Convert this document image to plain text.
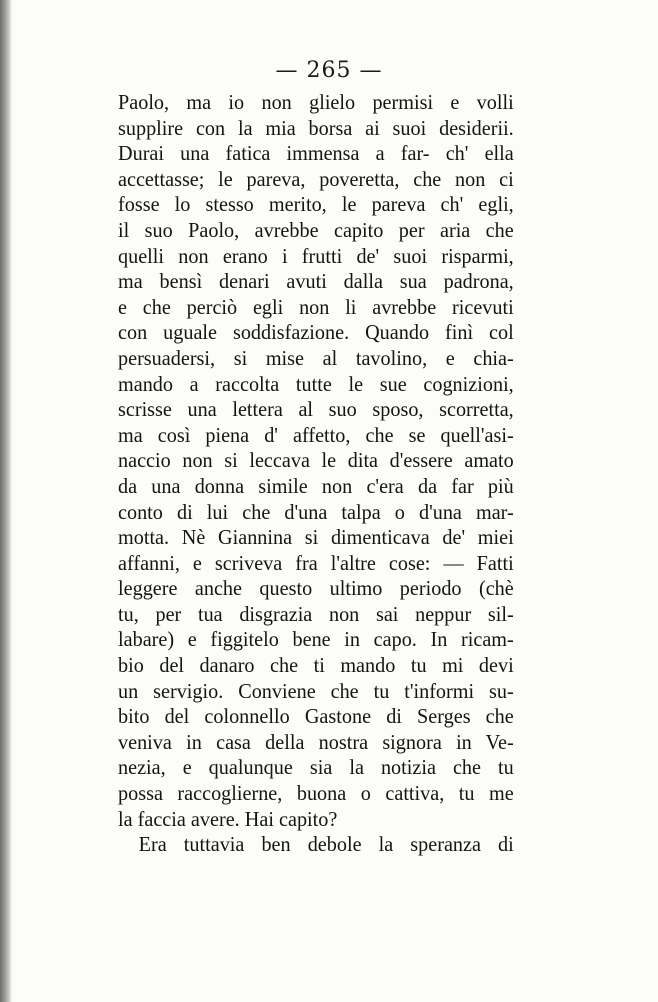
— 265 —
Paolo, ma io non glielo permisi e volli
supplire con la mia borsa ai suoi desiderii.
Durai una fatica immensa a far- ch' ella
accettasse; le pareva, poveretta, che non ci
fosse lo stesso merito, le pareva ch' egli,
il suo Paolo, avrebbe capito per aria che
quelli non erano i frutti de' suoi risparmi,
ma bensì denari avuti dalla sua padrona,
e che perciò egli non li avrebbe ricevuti
con uguale soddisfazione. Quando finì col
persuadersi, si mise al tavolino, e chia-
mando a raccolta tutte le sue cognizioni,
scrisse una lettera al suo sposo, scorretta,
ma così piena d' affetto, che se quell'asi-
naccio non si leccava le dita d'essere amato
da una donna simile non c'era da far più
conto di lui che d'una talpa o d'una mar-
motta. Nè Giannina si dimenticava de' miei
affanni, e scriveva fra l'altre cose: — Fatti
leggere anche questo ultimo periodo (chè
tu, per tua disgrazia non sai neppur sil-
labare) e figgitelo bene in capo. In ricam-
bio del danaro che ti mando tu mi devi
un servigio. Conviene che tu t'informi su-
bito del colonnello Gastone di Serges che
veniva in casa della nostra signora in Ve-
nezia, e qualunque sia la notizia che tu
possa raccoglierne, buona o cattiva, tu me
la faccia avere. Hai capito?
Era tuttavia ben debole la speranza di
